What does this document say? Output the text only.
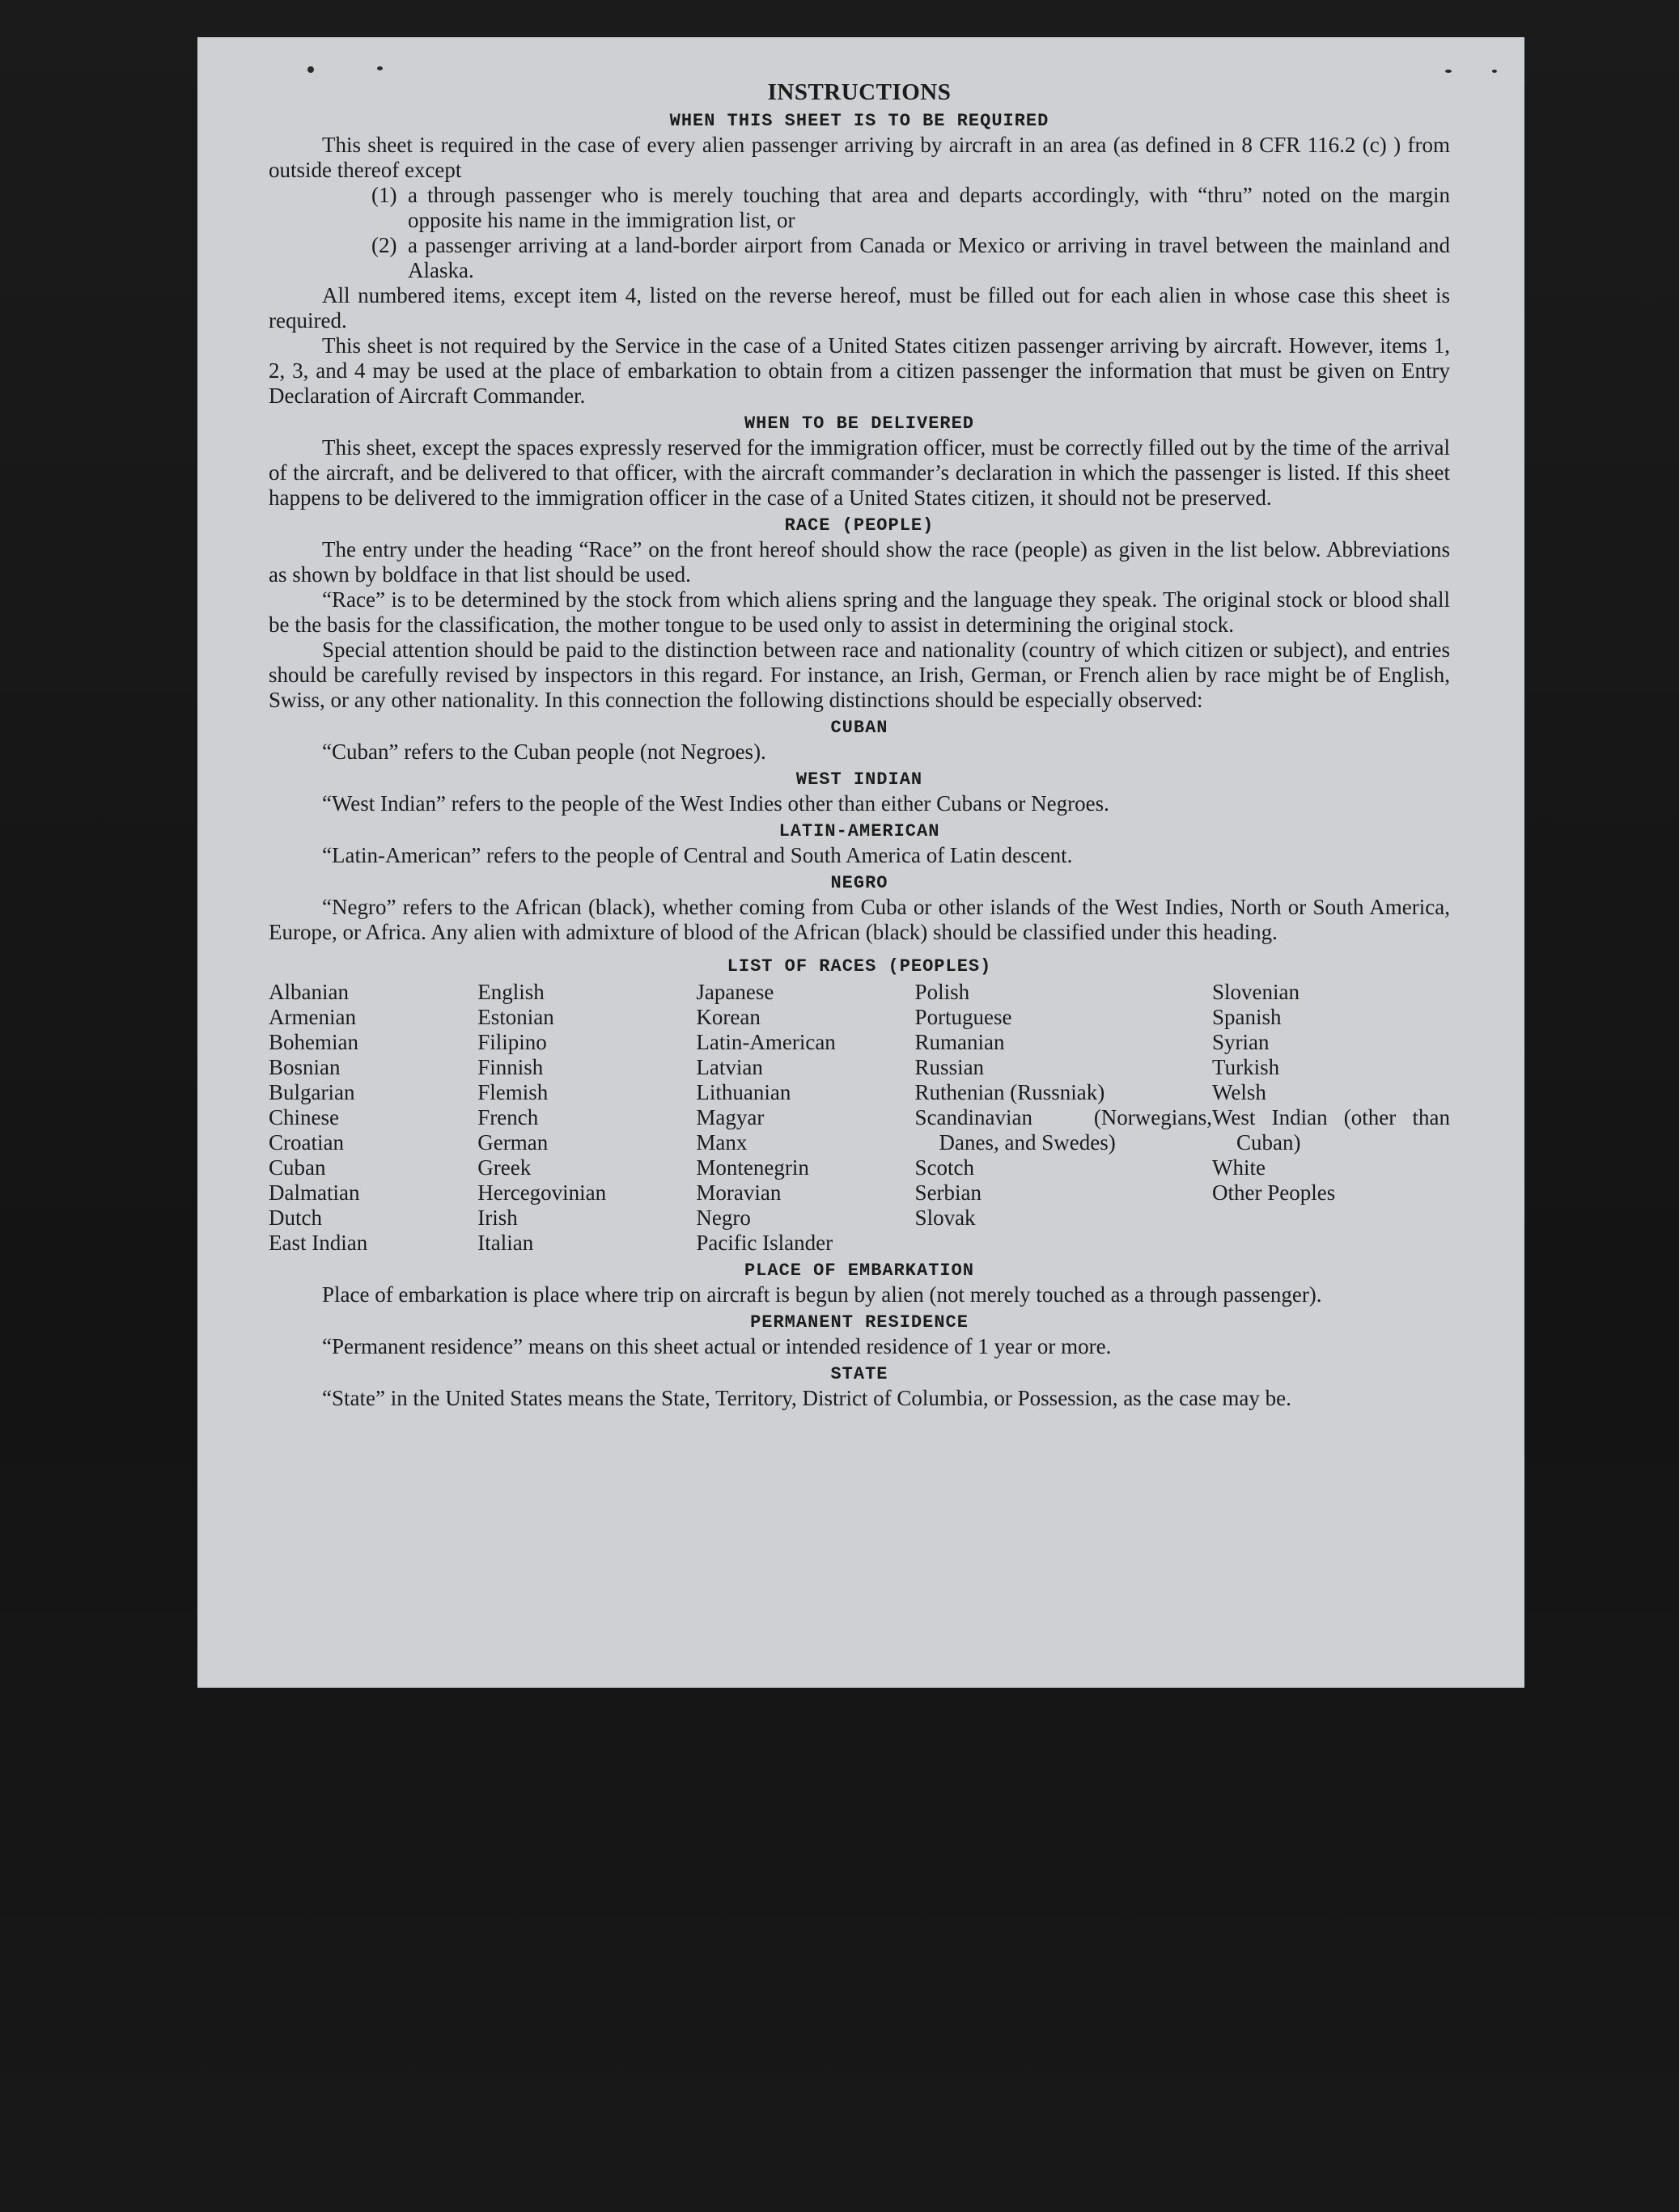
INSTRUCTIONS
WHEN THIS SHEET IS TO BE REQUIRED

This sheet is required in the case of every alien passenger arriving by aircraft in an area (as defined in 8 CFR 116.2 (c) ) from outside thereof except

(1) a through passenger who is merely touching that area and departs accordingly, with “thru” noted on the margin opposite his name in the immigration list, or

(2) a passenger arriving at a land-border airport from Canada or Mexico or arriving in travel between the mainland and Alaska.

All numbered items, except item 4, listed on the reverse hereof, must be filled out for each alien in whose case this sheet is required.

This sheet is not required by the Service in the case of a United States citizen passenger arriving by aircraft. However, items 1, 2, 3, and 4 may be used at the place of embarkation to obtain from a citizen passenger the information that must be given on Entry Declaration of Aircraft Commander.

WHEN TO BE DELIVERED

This sheet, except the spaces expressly reserved for the immigration officer, must be correctly filled out by the time of the arrival of the aircraft, and be delivered to that officer, with the aircraft commander’s declaration in which the passenger is listed. If this sheet happens to be delivered to the immigration officer in the case of a United States citizen, it should not be preserved.

RACE (PEOPLE)

The entry under the heading “Race” on the front hereof should show the race (people) as given in the list below. Abbreviations as shown by boldface in that list should be used.

“Race” is to be determined by the stock from which aliens spring and the language they speak. The original stock or blood shall be the basis for the classification, the mother tongue to be used only to assist in determining the original stock.

Special attention should be paid to the distinction between race and nationality (country of which citizen or subject), and entries should be carefully revised by inspectors in this regard. For instance, an Irish, German, or French alien by race might be of English, Swiss, or any other nationality. In this connection the following distinctions should be especially observed:

CUBAN

“Cuban” refers to the Cuban people (not Negroes).

WEST INDIAN

“West Indian” refers to the people of the West Indies other than either Cubans or Negroes.

LATIN-AMERICAN

“Latin-American” refers to the people of Central and South America of Latin descent.

NEGRO

“Negro” refers to the African (black), whether coming from Cuba or other islands of the West Indies, North or South America, Europe, or Africa. Any alien with admixture of blood of the African (black) should be classified under this heading.

LIST OF RACES (PEOPLES)
Albanian
Armenian
Bohemian
Bosnian
Bulgarian
Chinese
Croatian
Cuban
Dalmatian
Dutch
East Indian
English
Estonian
Filipino
Finnish
Flemish
French
German
Greek
Hercegovinian
Irish
Italian
Japanese
Korean
Latin-American
Latvian
Lithuanian
Magyar
Manx
Montenegrin
Moravian
Negro
Pacific Islander
Polish
Portuguese
Rumanian
Russian
Ruthenian (Russniak)
Scandinavian (Norwegians, Danes, and Swedes)
Scotch
Serbian
Slovak
Slovenian
Spanish
Syrian
Turkish
Welsh
West Indian (other than Cuban)
White
Other Peoples
PLACE OF EMBARKATION

Place of embarkation is place where trip on aircraft is begun by alien (not merely touched as a through passenger).

PERMANENT RESIDENCE

“Permanent residence” means on this sheet actual or intended residence of 1 year or more.

STATE

“State” in the United States means the State, Territory, District of Columbia, or Possession, as the case may be.
